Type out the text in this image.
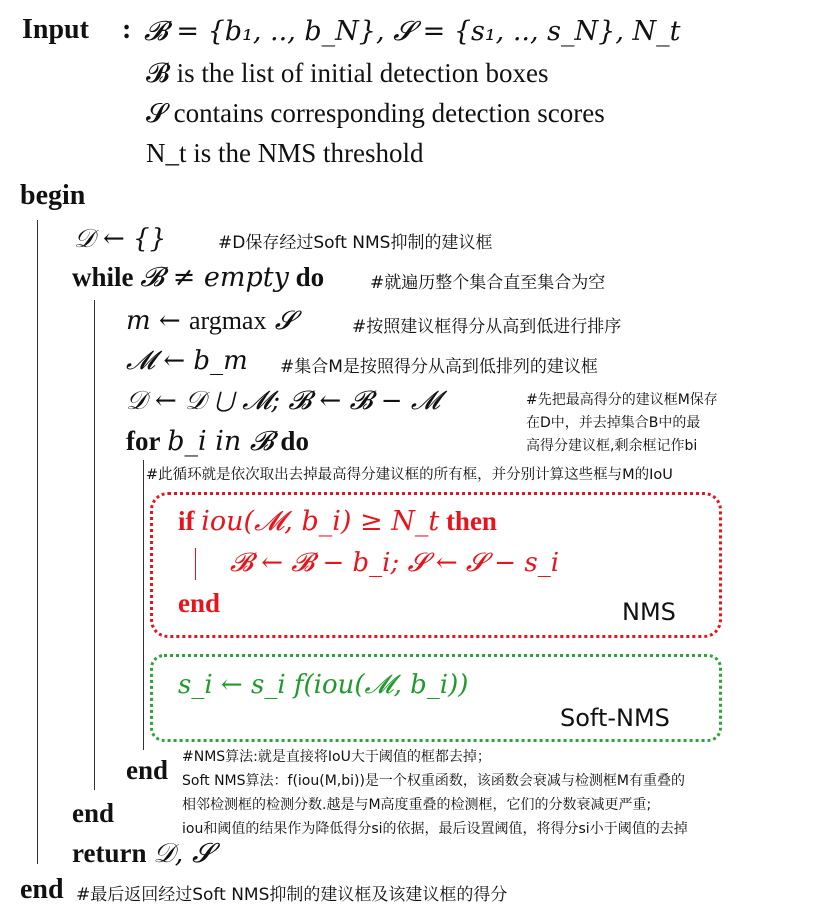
Input : 𝓑 = {b₁, .., b_N}, 𝓢 = {s₁, .., s_N}, N_t
𝓑 is the list of initial detection boxes
𝓢 contains corresponding detection scores
N_t is the NMS threshold
begin
𝒟 ← {}	#D保存经过Soft NMS抑制的建议框
while 𝓑 ≠ empty do	#就遍历整个集合直至集合为空
m ← argmax 𝓢	#按照建议框得分从高到低进行排序
𝓜 ← b_m #集合M是按照得分从高到低排列的建议框
𝒟 ← 𝒟 ⋃ 𝓜; 𝓑 ← 𝓑 − 𝓜	#先把最高得分的建议框M保存
在D中，并去掉集合B中的最
高得分建议框,剩余框记作bi
for b_i in 𝓑 do
#此循环就是依次取出去掉最高得分建议框的所有框，并分别计算这些框与M的IoU
if iou(𝓜, b_i) ≥ N_t then
𝓑 ← 𝓑 − b_i; 𝓢 ← 𝓢 − s_i
end	NMS
s_i ← s_i f(iou(𝓜, b_i))
Soft-NMS
end #NMS算法:就是直接将IoU大于阈值的框都去掉；
Soft NMS算法：f(iou(M,bi))是一个权重函数，该函数会衰减与检测框M有重叠的
相邻检测框的检测分数.越是与M高度重叠的检测框，它们的分数衰减更严重;
iou和阈值的结果作为降低得分si的依据，最后设置阈值，将得分si小于阈值的去掉
end
return 𝒟, 𝓢
end #最后返回经过Soft NMS抑制的建议框及该建议框的得分
